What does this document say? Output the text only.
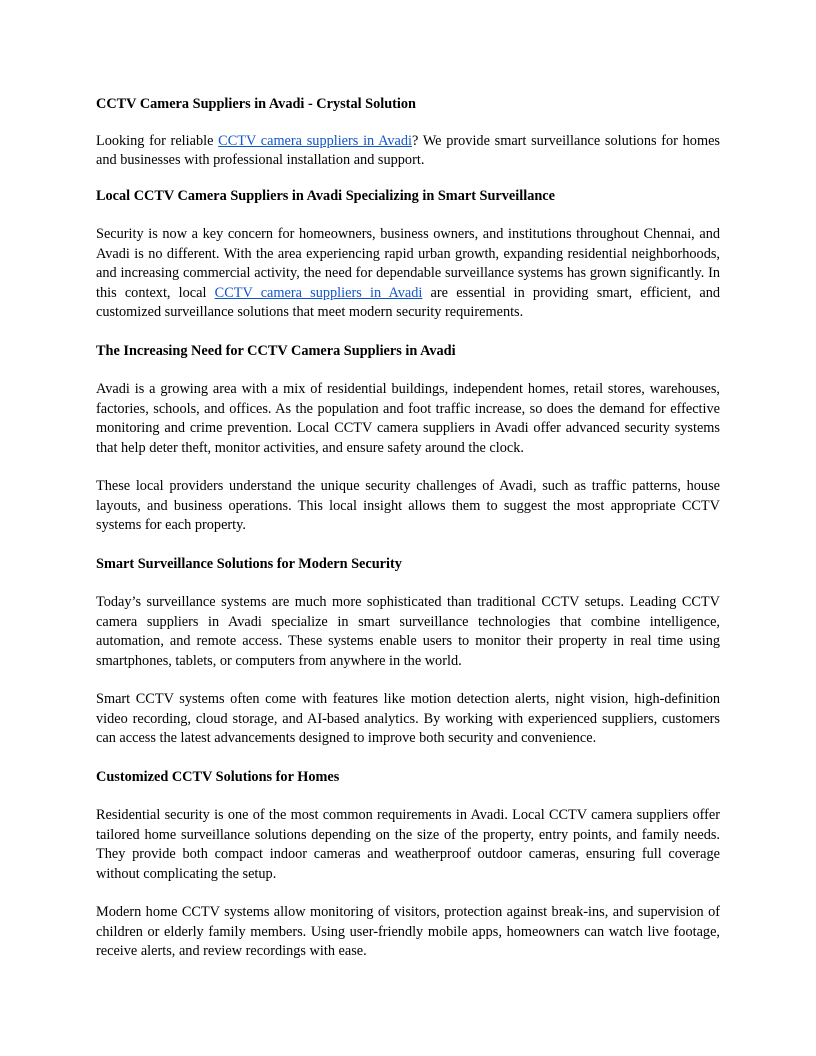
CCTV Camera Suppliers in Avadi - Crystal Solution

Looking for reliable CCTV camera suppliers in Avadi? We provide smart surveillance solutions for homes and businesses with professional installation and support.

Local CCTV Camera Suppliers in Avadi Specializing in Smart Surveillance

Security is now a key concern for homeowners, business owners, and institutions throughout Chennai, and Avadi is no different. With the area experiencing rapid urban growth, expanding residential neighborhoods, and increasing commercial activity, the need for dependable surveillance systems has grown significantly. In this context, local CCTV camera suppliers in Avadi are essential in providing smart, efficient, and customized surveillance solutions that meet modern security requirements.

The Increasing Need for CCTV Camera Suppliers in Avadi

Avadi is a growing area with a mix of residential buildings, independent homes, retail stores, warehouses, factories, schools, and offices. As the population and foot traffic increase, so does the demand for effective monitoring and crime prevention. Local CCTV camera suppliers in Avadi offer advanced security systems that help deter theft, monitor activities, and ensure safety around the clock.

These local providers understand the unique security challenges of Avadi, such as traffic patterns, house layouts, and business operations. This local insight allows them to suggest the most appropriate CCTV systems for each property.

Smart Surveillance Solutions for Modern Security

Today’s surveillance systems are much more sophisticated than traditional CCTV setups. Leading CCTV camera suppliers in Avadi specialize in smart surveillance technologies that combine intelligence, automation, and remote access. These systems enable users to monitor their property in real time using smartphones, tablets, or computers from anywhere in the world.

Smart CCTV systems often come with features like motion detection alerts, night vision, high-definition video recording, cloud storage, and AI-based analytics. By working with experienced suppliers, customers can access the latest advancements designed to improve both security and convenience.

Customized CCTV Solutions for Homes

Residential security is one of the most common requirements in Avadi. Local CCTV camera suppliers offer tailored home surveillance solutions depending on the size of the property, entry points, and family needs. They provide both compact indoor cameras and weatherproof outdoor cameras, ensuring full coverage without complicating the setup.

Modern home CCTV systems allow monitoring of visitors, protection against break-ins, and supervision of children or elderly family members. Using user-friendly mobile apps, homeowners can watch live footage, receive alerts, and review recordings with ease.
